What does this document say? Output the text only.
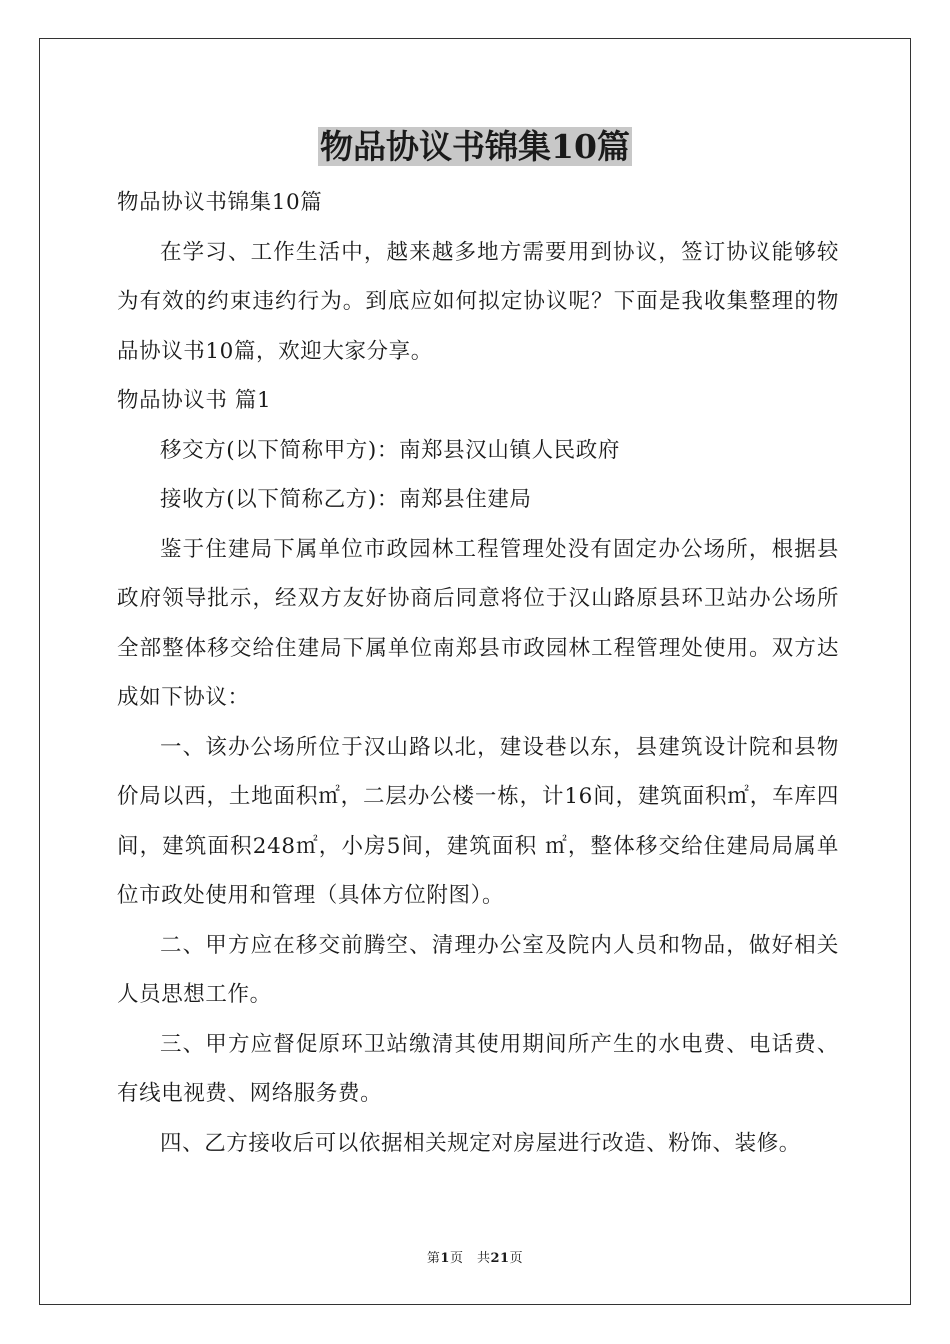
物品协议书锦集10篇

物品协议书锦集10篇

在学习、工作生活中，越来越多地方需要用到协议，签订协议能够较为有效的约束违约行为。到底应如何拟定协议呢？下面是我收集整理的物品协议书10篇，欢迎大家分享。

物品协议书 篇1

移交方(以下简称甲方)：南郑县汉山镇人民政府

接收方(以下简称乙方)：南郑县住建局

鉴于住建局下属单位市政园林工程管理处没有固定办公场所，根据县政府领导批示，经双方友好协商后同意将位于汉山路原县环卫站办公场所全部整体移交给住建局下属单位南郑县市政园林工程管理处使用。双方达成如下协议：

一、该办公场所位于汉山路以北，建设巷以东，县建筑设计院和县物价局以西，土地面积㎡，二层办公楼一栋，计16间，建筑面积㎡，车库四间，建筑面积248㎡，小房5间，建筑面积 ㎡，整体移交给住建局局属单位市政处使用和管理（具体方位附图）。

二、甲方应在移交前腾空、清理办公室及院内人员和物品，做好相关人员思想工作。

三、甲方应督促原环卫站缴清其使用期间所产生的水电费、电话费、有线电视费、网络服务费。

四、乙方接收后可以依据相关规定对房屋进行改造、粉饰、装修。

第1页　共21页
